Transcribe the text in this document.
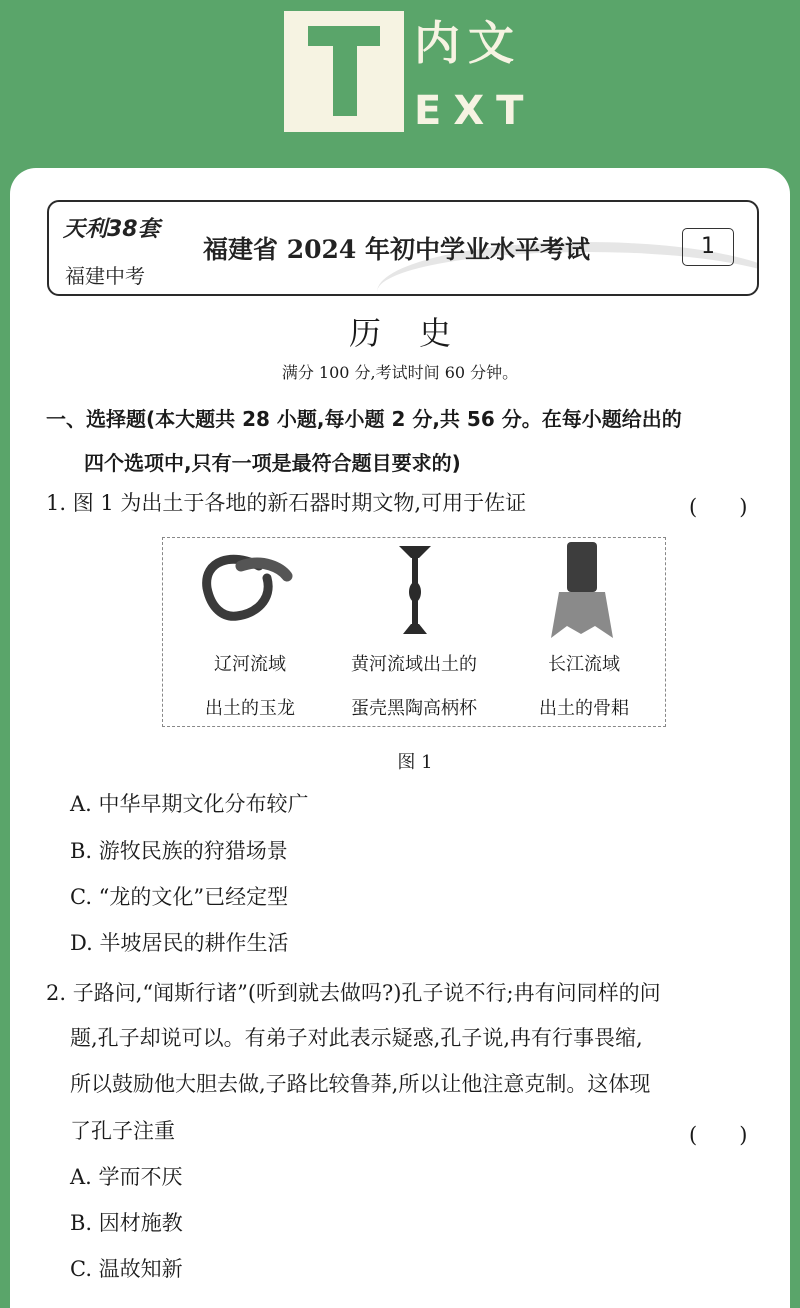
内文
EXT
天利38套
福建中考
福建省 2024 年初中学业水平考试	1
历史
满分 100 分,考试时间 60 分钟。
一、选择题(本大题共 28 小题,每小题 2 分,共 56 分。在每小题给出的
四个选项中,只有一项是最符合题目要求的)
1. 图 1 为出土于各地的新石器时期文物,可用于佐证	(　　)
辽河流域
出土的玉龙
黄河流域出土的
蛋壳黑陶高柄杯
长江流域
出土的骨耜
图 1
A. 中华早期文化分布较广
B. 游牧民族的狩猎场景
C. “龙的文化”已经定型
D. 半坡居民的耕作生活
2. 子路问,“闻斯行诸”(听到就去做吗?)孔子说不行;冉有问同样的问
题,孔子却说可以。有弟子对此表示疑惑,孔子说,冉有行事畏缩,
所以鼓励他大胆去做,子路比较鲁莽,所以让他注意克制。这体现
了孔子注重	(　　)
A. 学而不厌
B. 因材施教
C. 温故知新
